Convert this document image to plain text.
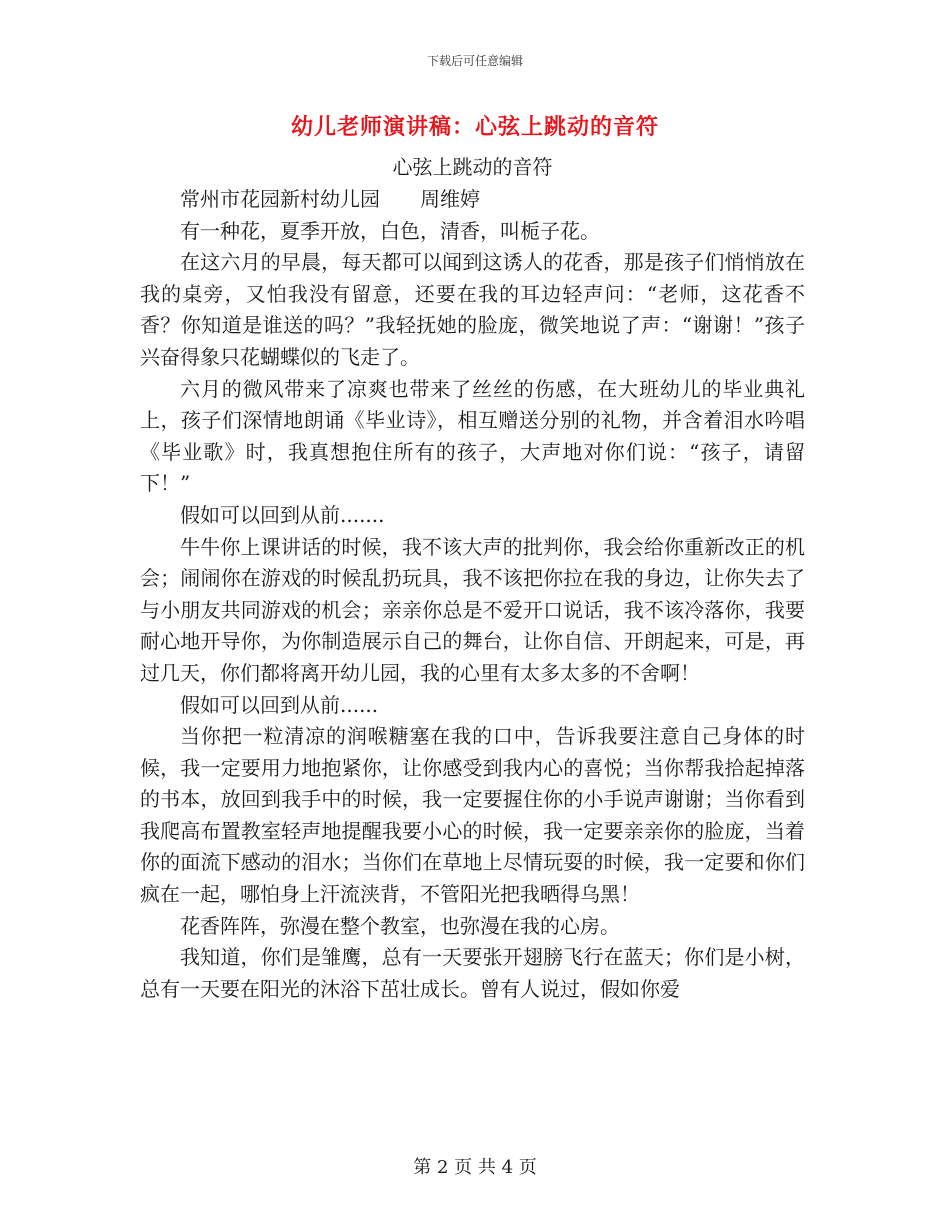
下载后可任意编辑
幼儿老师演讲稿：心弦上跳动的音符

心弦上跳动的音符

常州市花园新村幼儿园　　周维婷

有一种花，夏季开放，白色，清香，叫栀子花。

在这六月的早晨，每天都可以闻到这诱人的花香，那是孩子们悄悄放在我的桌旁，又怕我没有留意，还要在我的耳边轻声问：“老师，这花香不香？你知道是谁送的吗？”我轻抚她的脸庞，微笑地说了声：“谢谢！”孩子兴奋得象只花蝴蝶似的飞走了。

六月的微风带来了凉爽也带来了丝丝的伤感，在大班幼儿的毕业典礼上，孩子们深情地朗诵《毕业诗》，相互赠送分别的礼物，并含着泪水吟唱《毕业歌》时，我真想抱住所有的孩子，大声地对你们说：“孩子，请留下！”

假如可以回到从前.......

牛牛你上课讲话的时候，我不该大声的批判你，我会给你重新改正的机会；闹闹你在游戏的时候乱扔玩具，我不该把你拉在我的身边，让你失去了与小朋友共同游戏的机会；亲亲你总是不爱开口说话，我不该冷落你，我要耐心地开导你，为你制造展示自己的舞台，让你自信、开朗起来，可是，再过几天，你们都将离开幼儿园，我的心里有太多太多的不舍啊！

假如可以回到从前......

当你把一粒清凉的润喉糖塞在我的口中，告诉我要注意自己身体的时候，我一定要用力地抱紧你，让你感受到我内心的喜悦；当你帮我拾起掉落的书本，放回到我手中的时候，我一定要握住你的小手说声谢谢；当你看到我爬高布置教室轻声地提醒我要小心的时候，我一定要亲亲你的脸庞，当着你的面流下感动的泪水；当你们在草地上尽情玩耍的时候，我一定要和你们疯在一起，哪怕身上汗流浃背，不管阳光把我晒得乌黑！

花香阵阵，弥漫在整个教室，也弥漫在我的心房。

我知道，你们是雏鹰，总有一天要张开翅膀飞行在蓝天；你们是小树，总有一天要在阳光的沐浴下茁壮成长。曾有人说过，假如你爱

第 2 页 共 4 页
